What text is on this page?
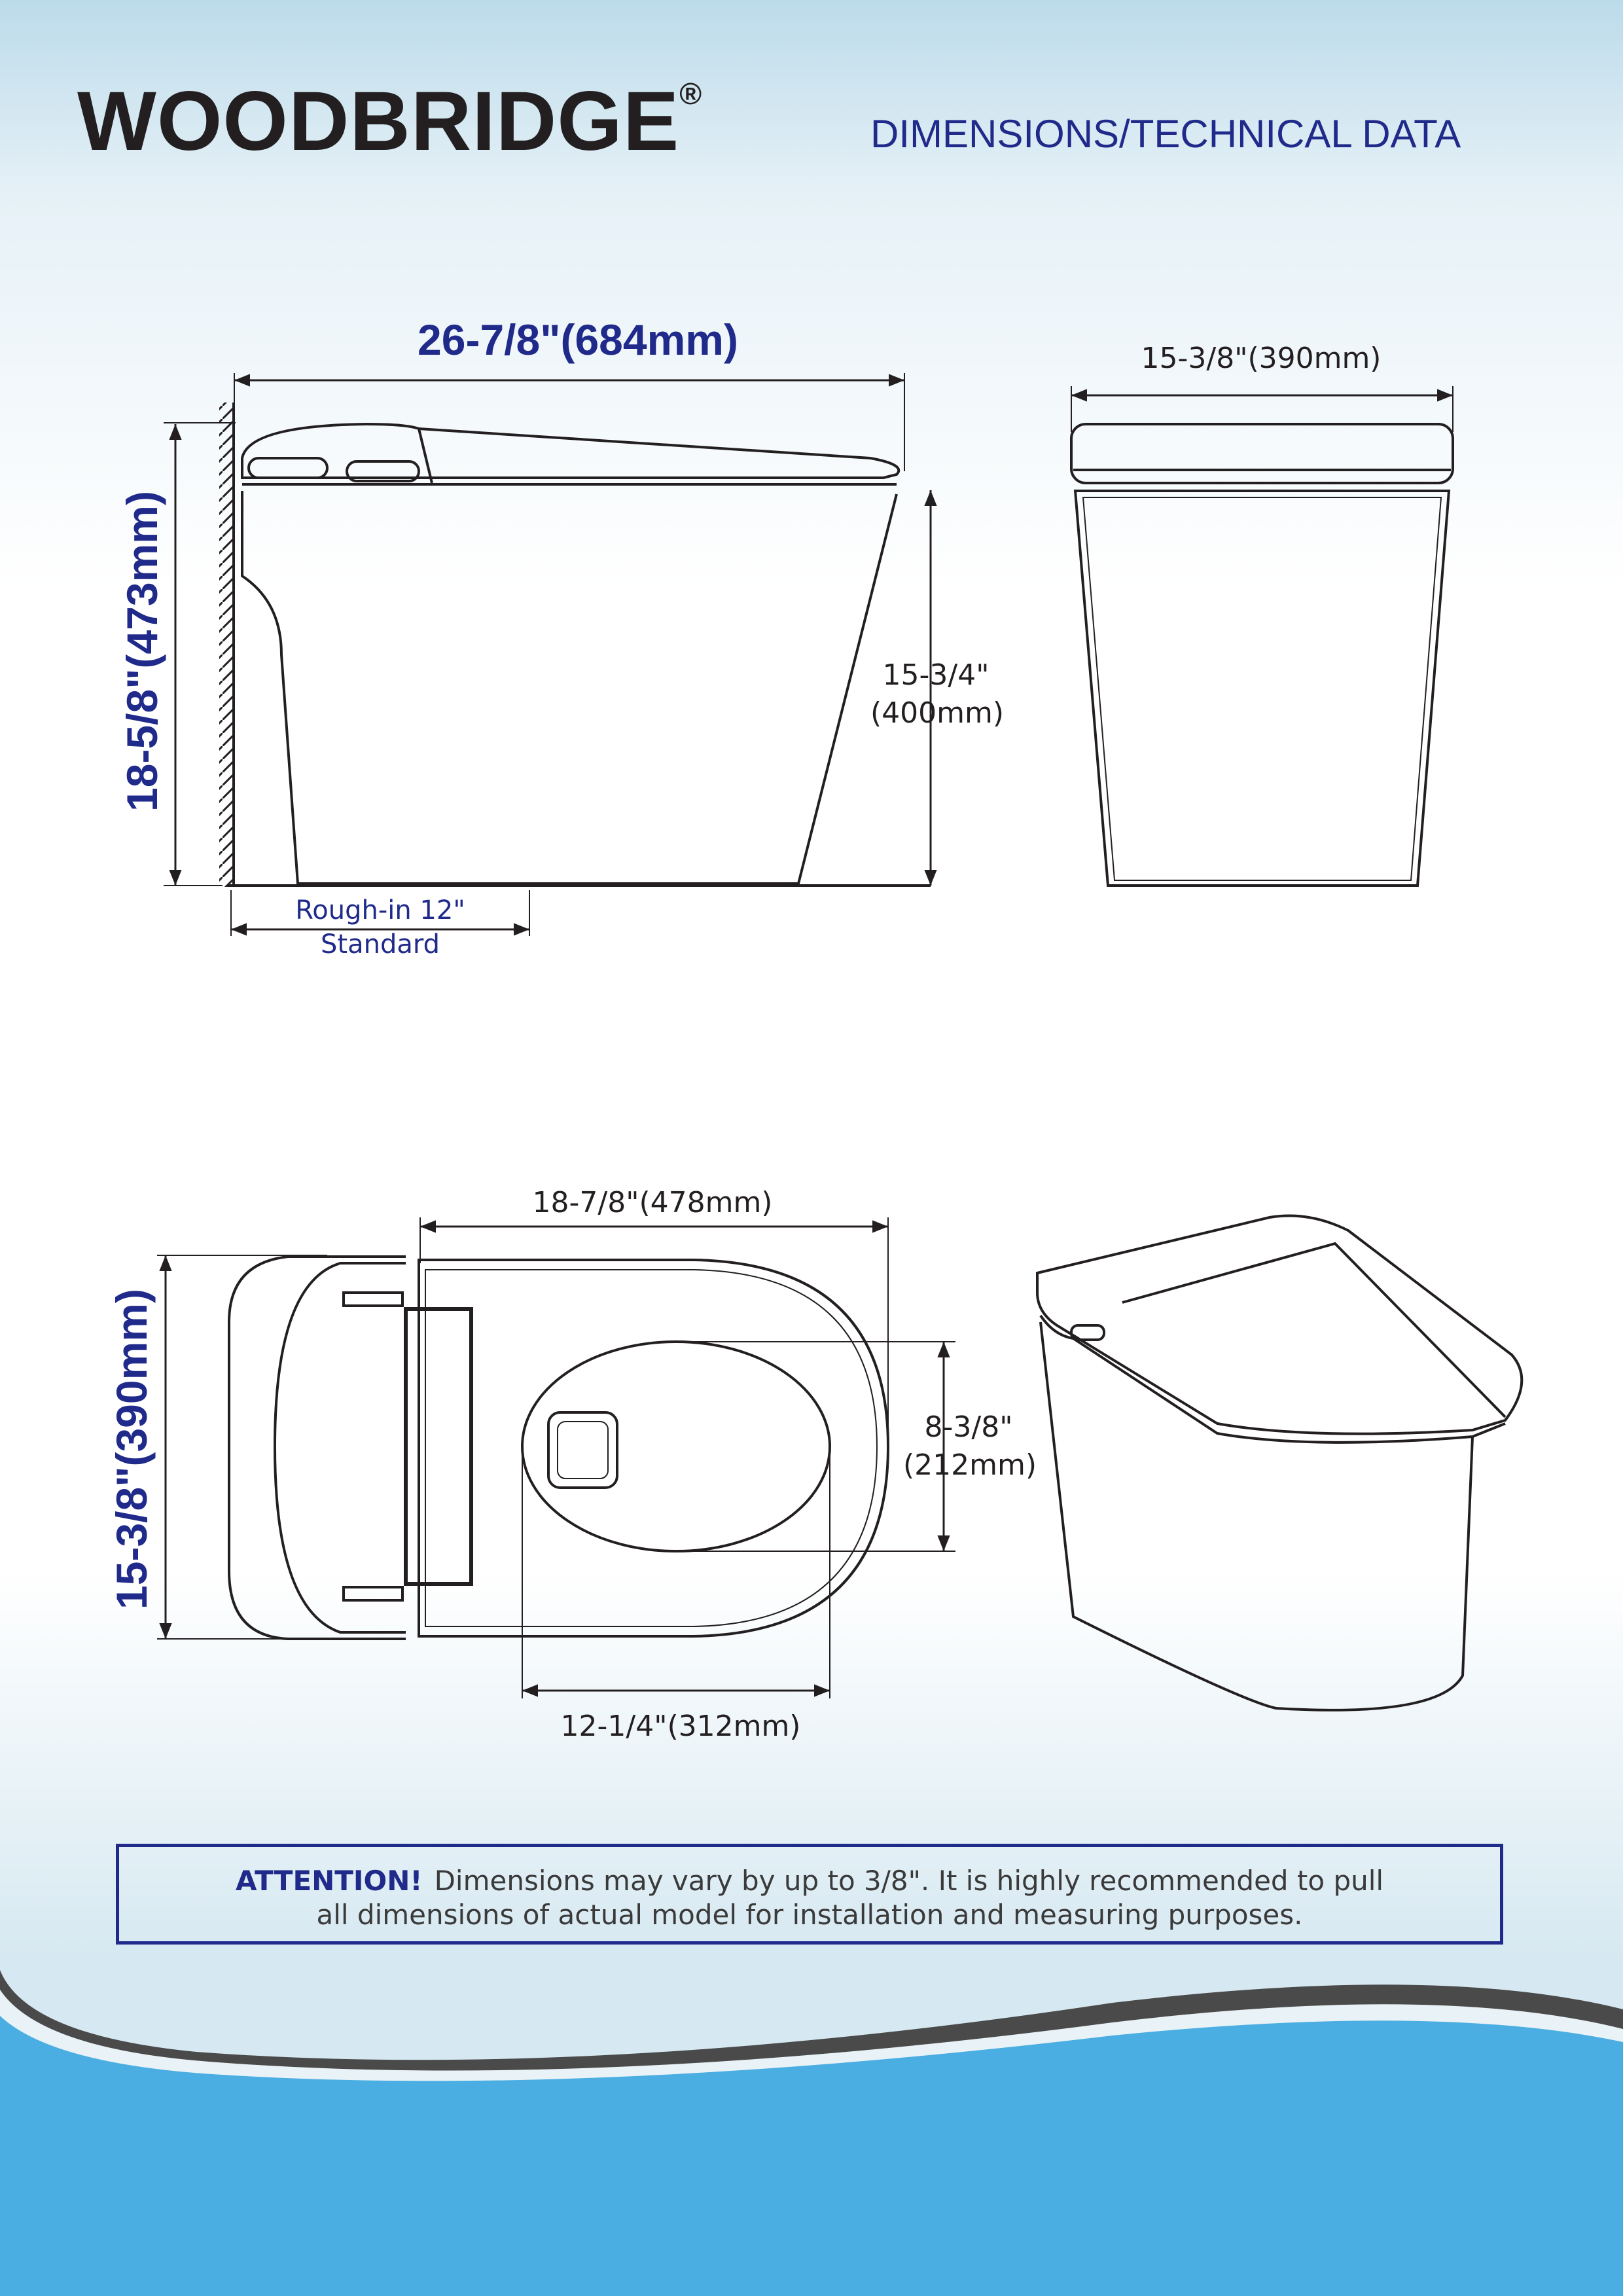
WOODBRIDGE®
DIMENSIONS/TECHNICAL DATA
26-7/8"(684mm)
18-5/8"(473mm)	15-3/4"
(400mm)
Rough-in 12"
Standard
15-3/8"(390mm)
18-7/8"(478mm)
15-3/8"(390mm)	8-3/8"
(212mm)
12-1/4"(312mm)
ATTENTION! Dimensions may vary by up to 3/8". It is highly recommended to pull
all dimensions of actual model for installation and measuring purposes.
